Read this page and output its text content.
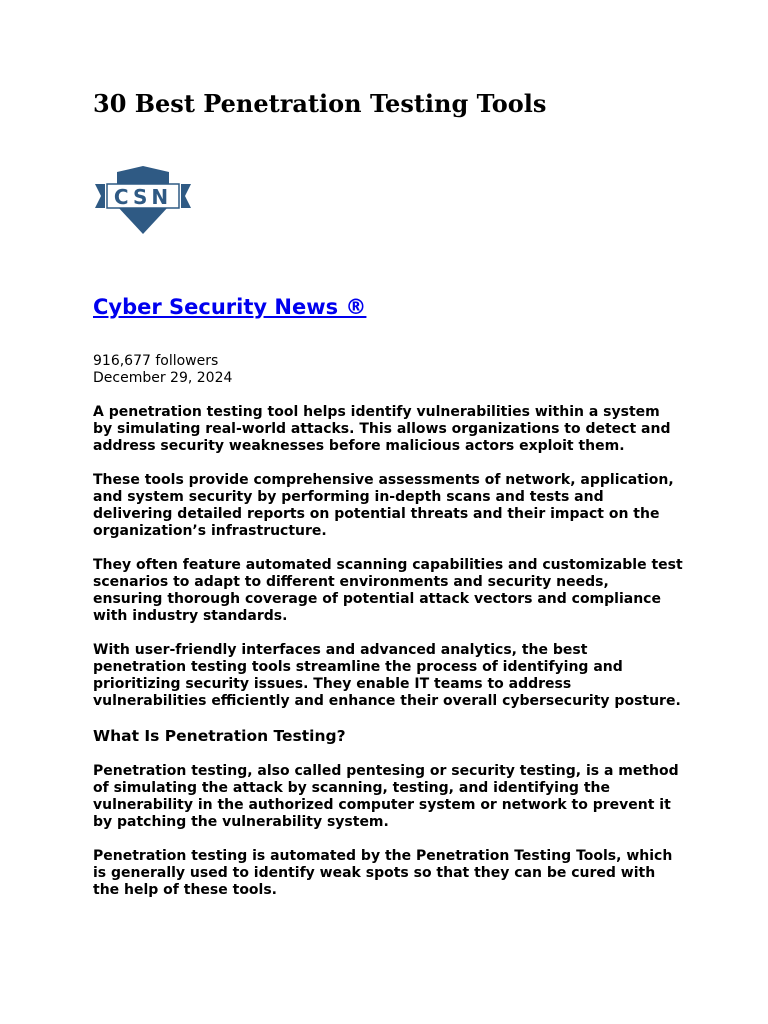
30 Best Penetration Testing Tools
CSN
Cyber Security News ®
916,677 followers
December 29, 2024

A penetration testing tool helps identify vulnerabilities within a system by simulating real-world attacks. This allows organizations to detect and address security weaknesses before malicious actors exploit them.

These tools provide comprehensive assessments of network, application, and system security by performing in-depth scans and tests and delivering detailed reports on potential threats and their impact on the organization’s infrastructure.

They often feature automated scanning capabilities and customizable test scenarios to adapt to different environments and security needs, ensuring thorough coverage of potential attack vectors and compliance with industry standards.

With user-friendly interfaces and advanced analytics, the best penetration testing tools streamline the process of identifying and prioritizing security issues. They enable IT teams to address vulnerabilities efficiently and enhance their overall cybersecurity posture.

What Is Penetration Testing?

Penetration testing, also called pentesing or security testing, is a method of simulating the attack by scanning, testing, and identifying the vulnerability in the authorized computer system or network to prevent it by patching the vulnerability system.

Penetration testing is automated by the Penetration Testing Tools, which is generally used to identify weak spots so that they can be cured with the help of these tools.
